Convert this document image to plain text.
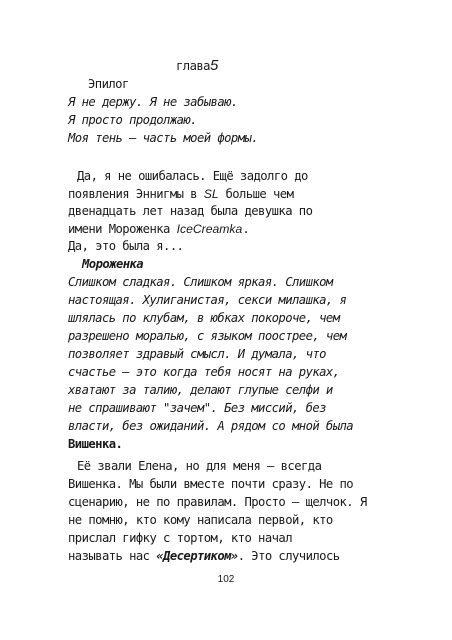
глава5
Эпилог
Я не держу. Я не забываю.
Я просто продолжаю.
Моя тень – часть моей формы.
Да, я не ошибалась. Ещё задолго до
появления Эннигмы в SL больше чем
двенадцать лет назад была девушка по
имени Мороженка IceCreamka.
Да, это была я...
Мороженка
Слишком сладкая. Слишком яркая. Слишком
настоящая. Хулиганистая, секси милашка, я
шлялась по клубам, в юбках покороче, чем
разрешено моралью, с языком поострее, чем
позволяет здравый смысл. И думала, что
счастье – это когда тебя носят на руках,
хватают за талию, делают глупые селфи и
не спрашивают "зачем". Без миссий, без
власти, без ожиданий. А рядом со мной была
Вишенка.
Её звали Елена, но для меня – всегда
Вишенка. Мы были вместе почти сразу. Не по
сценарию, не по правилам. Просто – щелчок. Я
не помню, кто кому написала первой, кто
прислал гифку с тортом, кто начал
называть нас «Десертиком». Это случилось
102
